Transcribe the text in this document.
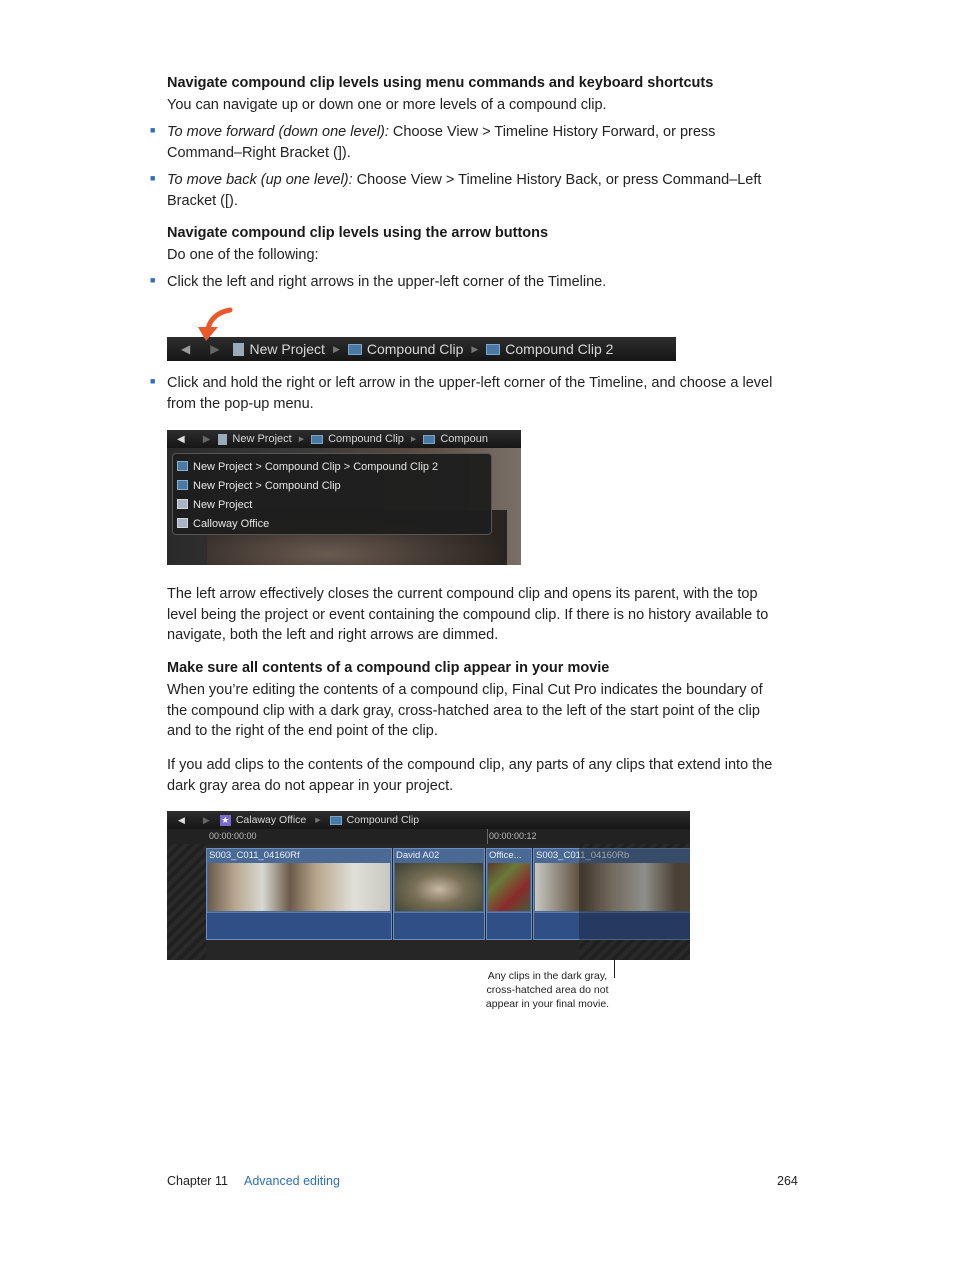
Navigate compound clip levels using menu commands and keyboard shortcuts
You can navigate up or down one or more levels of a compound clip.
■ To move forward (down one level): Choose View > Timeline History Forward, or press
Command–Right Bracket (]).
■ To move back (up one level): Choose View > Timeline History Back, or press Command–Left
Bracket ([).
Navigate compound clip levels using the arrow buttons
Do one of the following:
■ Click the left and right arrows in the upper-left corner of the Timeline.
◀ ▶ New Project ▶ Compound Clip ▶ Compound Clip 2
■ Click and hold the right or left arrow in the upper-left corner of the Timeline, and choose a level
from the pop-up menu.
◀ ▶ New Project ▶ Compound Clip ▶ Compoun
New Project > Compound Clip > Compound Clip 2
New Project > Compound Clip
New Project
Calloway Office
The left arrow effectively closes the current compound clip and opens its parent, with the top
level being the project or event containing the compound clip. If there is no history available to
navigate, both the left and right arrows are dimmed.
Make sure all contents of a compound clip appear in your movie
When you’re editing the contents of a compound clip, Final Cut Pro indicates the boundary of
the compound clip with a dark gray, cross-hatched area to the left of the start point of the clip
and to the right of the end point of the clip.
If you add clips to the contents of the compound clip, any parts of any clips that extend into the
dark gray area do not appear in your project.
◀ ▶ ★ Calaway Office ▶ Compound Clip
00:00:00:00	00:00:00:12
S003_C011_04160Rf	David A02	Office... S003_C011_04160Rb
Any clips in the dark gray,
cross-hatched area do not
appear in your final movie.
Chapter 11 Advanced editing	264
